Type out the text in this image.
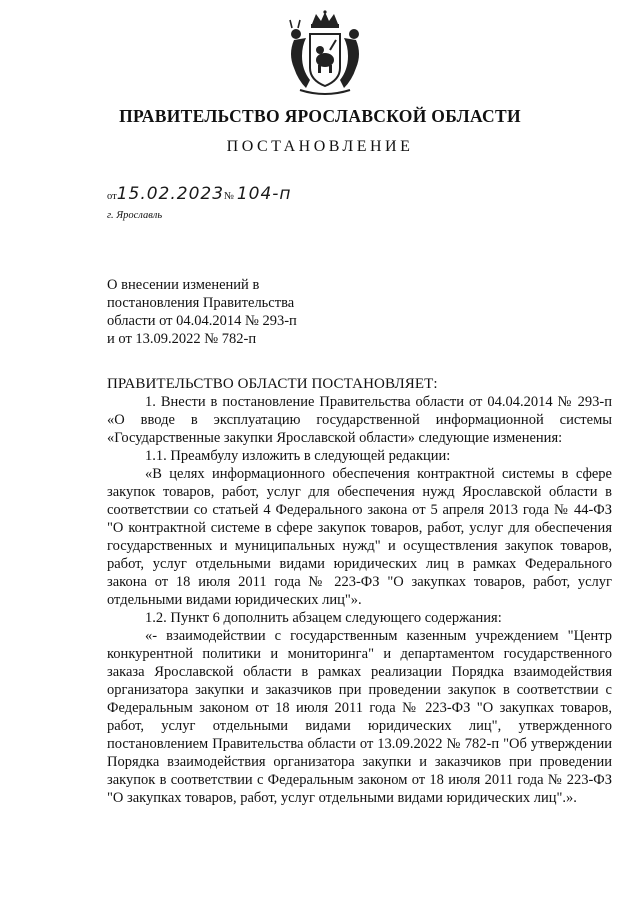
ПРАВИТЕЛЬСТВО ЯРОСЛАВСКОЙ ОБЛАСТИ
ПОСТАНОВЛЕНИЕ
от15.02.2023№ 104-п
г. Ярославль
О внесении изменений в
постановления Правительства
области от 04.04.2014 № 293-п
и от 13.09.2022 № 782-п
ПРАВИТЕЛЬСТВО ОБЛАСТИ ПОСТАНОВЛЯЕТ:

1. Внести в постановление Правительства области от 04.04.2014 № 293-п «О вводе в эксплуатацию государственной информационной системы «Государственные закупки Ярославской области» следующие изменения:

1.1. Преамбулу изложить в следующей редакции:

«В целях информационного обеспечения контрактной системы в сфере закупок товаров, работ, услуг для обеспечения нужд Ярославской области в соответствии со статьей 4 Федерального закона от 5 апреля 2013 года № 44-ФЗ "О контрактной системе в сфере закупок товаров, работ, услуг для обеспечения государственных и муниципальных нужд" и осуществления закупок товаров, работ, услуг отдельными видами юридических лиц в рамках Федерального закона от 18 июля 2011 года № 223-ФЗ "О закупках товаров, работ, услуг отдельными видами юридических лиц"».

1.2. Пункт 6 дополнить абзацем следующего содержания:

«- взаимодействии с государственным казенным учреждением "Центр конкурентной политики и мониторинга" и департаментом государственного заказа Ярославской области в рамках реализации Порядка взаимодействия организатора закупки и заказчиков при проведении закупок в соответствии с Федеральным законом от 18 июля 2011 года № 223-ФЗ "О закупках товаров, работ, услуг отдельными видами юридических лиц", утвержденного постановлением Правительства области от 13.09.2022 № 782-п "Об утверждении Порядка взаимодействия организатора закупки и заказчиков при проведении закупок в соответствии с Федеральным законом от 18 июля 2011 года № 223-ФЗ "О закупках товаров, работ, услуг отдельными видами юридических лиц".».
